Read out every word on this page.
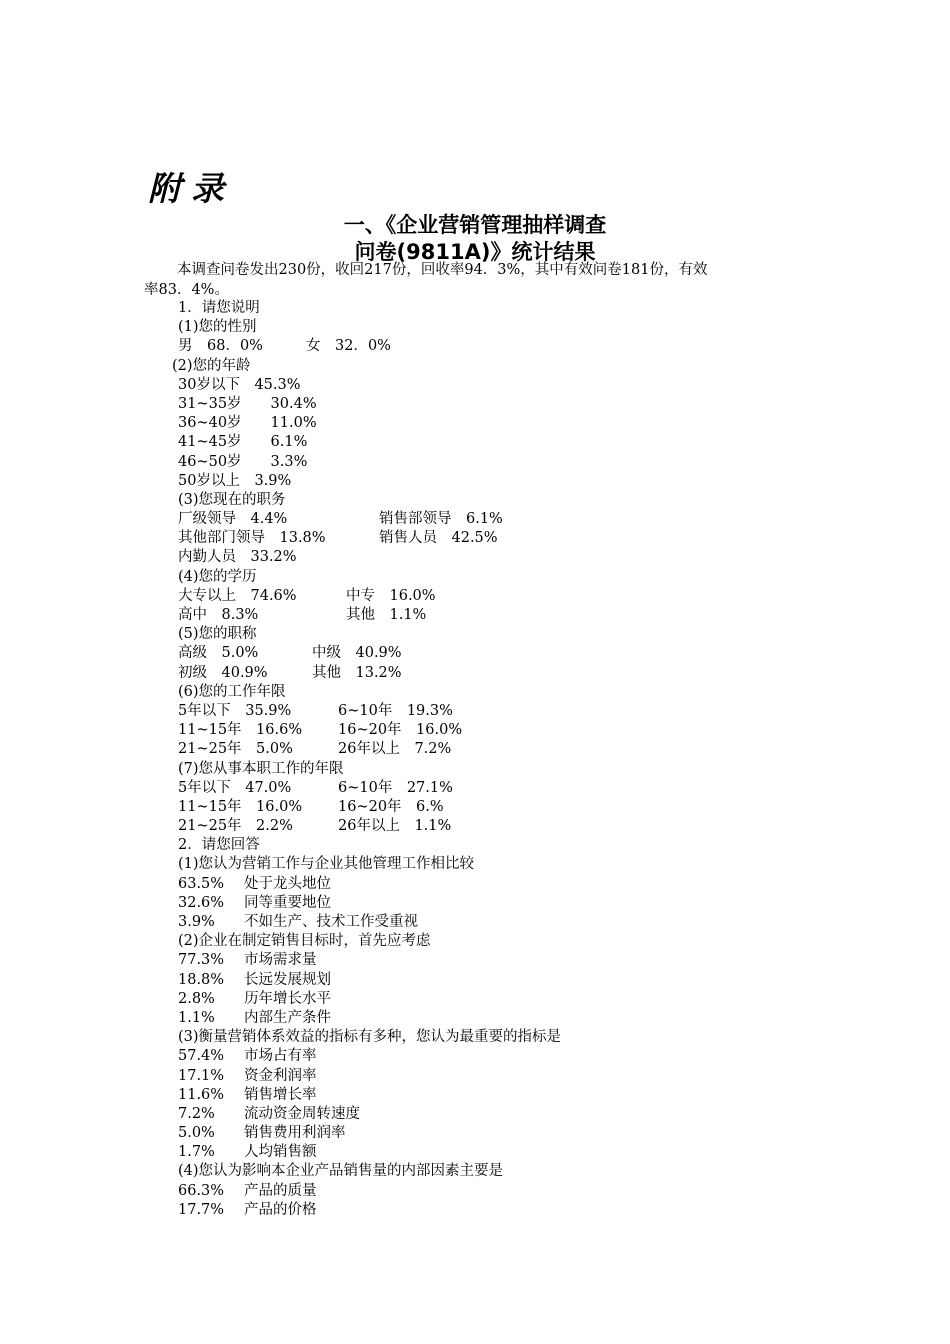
附录
一、《企业营销管理抽样调查
问卷(9811A)》统计结果
本调查问卷发出230份，收回217份，回收率94．3%，其中有效问卷181份，有效
率83．4%。
1．请您说明
(1)您的性别
男　68．0%	女　32．0%
(2)您的年龄
30岁以下　45.3%
31~35岁　　30.4%
36~40岁　　11.0%
41~45岁　　6.1%
46~50岁　　3.3%
50岁以上　3.9%
(3)您现在的职务
厂级领导　4.4%	销售部领导　6.1%
其他部门领导　13.8%	销售人员　42.5%
内勤人员　33.2%
(4)您的学历
大专以上　74.6%	中专　16.0%
高中　8.3%	其他　1.1%
(5)您的职称
高级　5.0%	中级　40.9%
初级　40.9%	其他　13.2%
(6)您的工作年限
5年以下　35.9%	6~10年　19.3%
11~15年　16.6% 16~20年　16.0%
21~25年　5.0%	26年以上　7.2%
(7)您从事本职工作的年限
5年以下　47.0%	6~10年　27.1%
11~15年　16.0% 16~20年　6.%
21~25年　2.2%	26年以上　1.1%
2．请您回答
(1)您认为营销工作与企业其他管理工作相比较
63.5% 处于龙头地位
32.6% 同等重要地位
3.9% 不如生产、技术工作受重视
(2)企业在制定销售目标时，首先应考虑
77.3% 市场需求量
18.8% 长远发展规划
2.8% 历年增长水平
1.1% 内部生产条件
(3)衡量营销体系效益的指标有多种，您认为最重要的指标是
57.4% 市场占有率
17.1% 资金利润率
11.6% 销售增长率
7.2% 流动资金周转速度
5.0% 销售费用利润率
1.7% 人均销售额
(4)您认为影响本企业产品销售量的内部因素主要是
66.3% 产品的质量
17.7% 产品的价格
